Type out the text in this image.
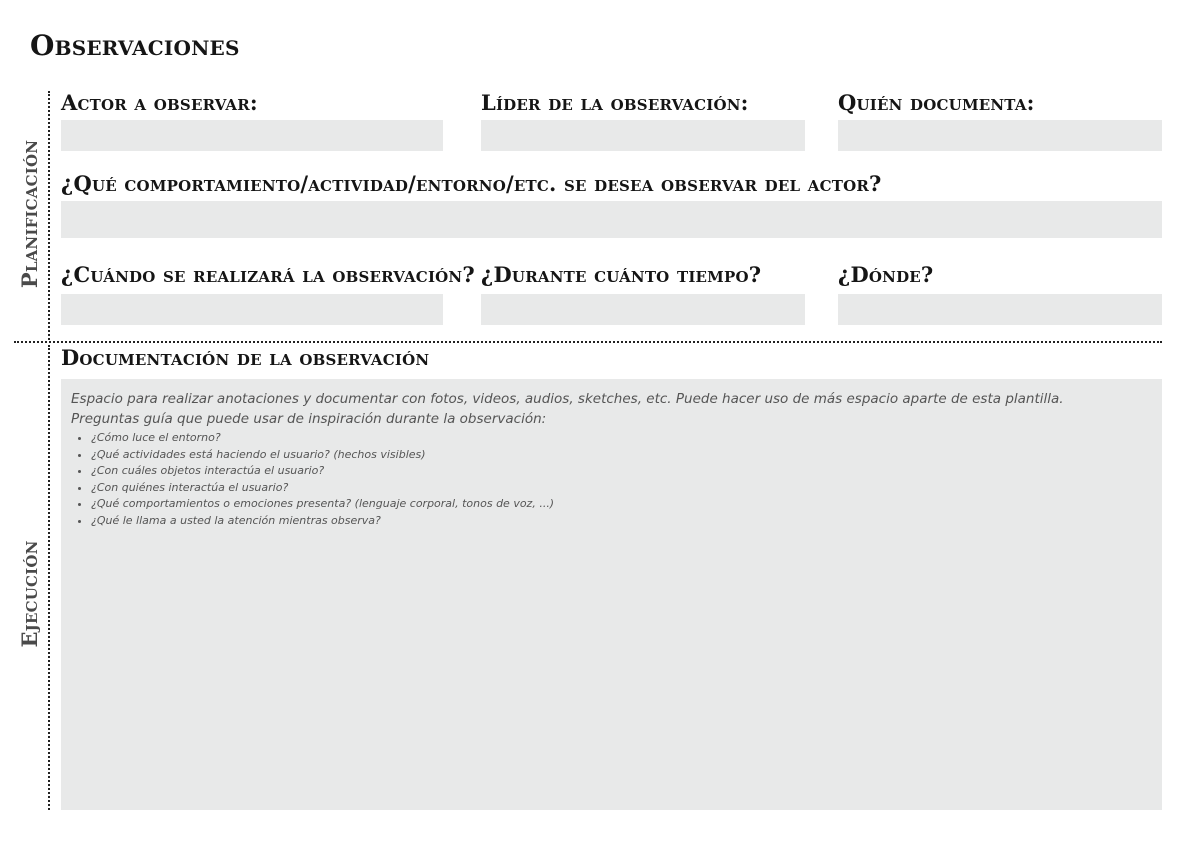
Observaciones
Planificación
Ejecución
Actor a observar:	Líder de la observación:	Quién documenta:
¿Qué comportamiento/actividad/entorno/etc. se desea observar del actor?
¿Cuándo se realizará la observación? ¿Durante cuánto tiempo?	¿Dónde?
Documentación de la observación

Espacio para realizar anotaciones y documentar con fotos, videos, audios, sketches, etc. Puede hacer uso de más espacio aparte de esta plantilla.

Preguntas guía que puede usar de inspiración durante la observación:

• ¿Cómo luce el entorno?
• ¿Qué actividades está haciendo el usuario? (hechos visibles)
• ¿Con cuáles objetos interactúa el usuario?
• ¿Con quiénes interactúa el usuario?
• ¿Qué comportamientos o emociones presenta? (lenguaje corporal, tonos de voz, ...)
• ¿Qué le llama a usted la atención mientras observa?
